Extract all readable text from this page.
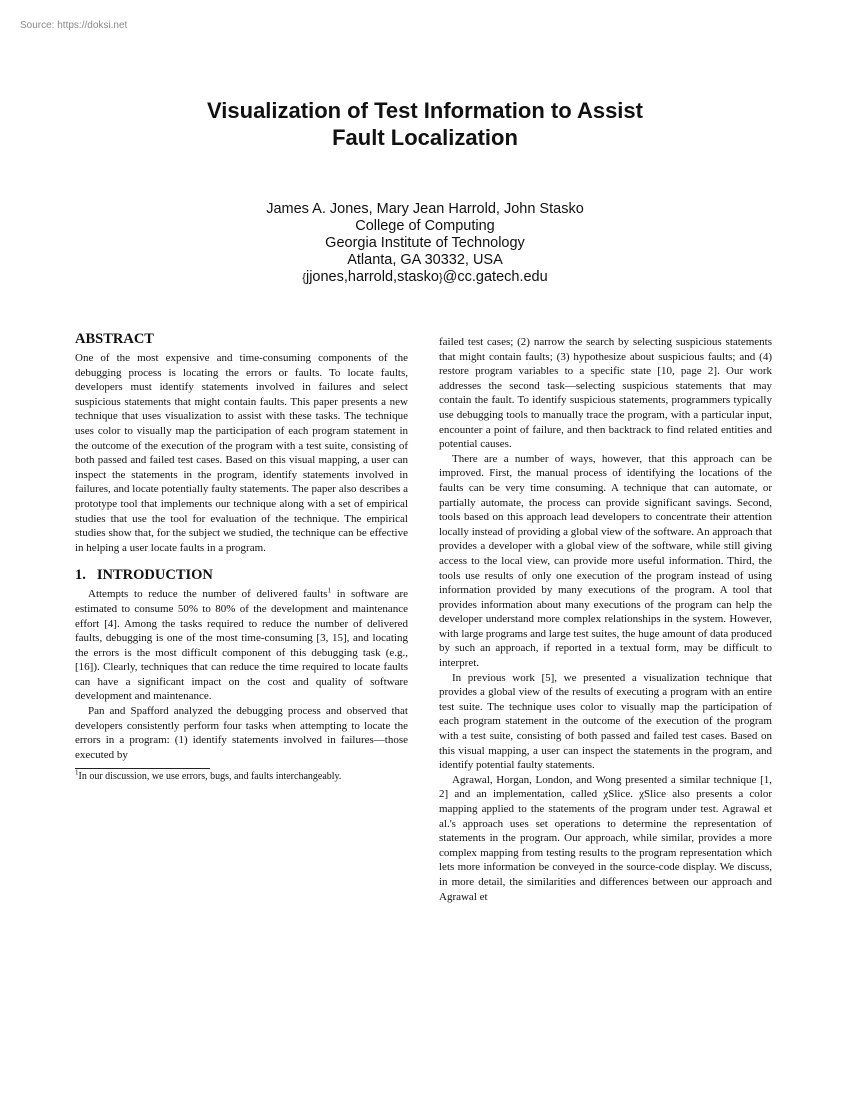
Source: https://doksi.net
Visualization of Test Information to Assist
Fault Localization
James A. Jones, Mary Jean Harrold, John Stasko
College of Computing
Georgia Institute of Technology
Atlanta, GA 30332, USA
{jjones,harrold,stasko}@cc.gatech.edu
ABSTRACT

One of the most expensive and time-consuming components of the debugging process is locating the errors or faults. To locate faults, developers must identify statements involved in failures and select suspicious statements that might contain faults. This paper presents a new technique that uses visualization to assist with these tasks. The technique uses color to visually map the participation of each program statement in the outcome of the execution of the program with a test suite, consisting of both passed and failed test cases. Based on this visual mapping, a user can inspect the statements in the program, identify statements involved in failures, and locate potentially faulty statements. The paper also describes a prototype tool that implements our technique along with a set of empirical studies that use the tool for evaluation of the technique. The empirical studies show that, for the subject we studied, the technique can be effective in helping a user locate faults in a program.

1. INTRODUCTION

Attempts to reduce the number of delivered faults$^1$ in software are estimated to consume 50% to 80% of the development and maintenance effort [4]. Among the tasks required to reduce the number of delivered faults, debugging is one of the most time-consuming [3, 15], and locating the errors is the most difficult component of this debugging task (e.g., [16]). Clearly, techniques that can reduce the time required to locate faults can have a significant impact on the cost and quality of software development and maintenance.

Pan and Spafford analyzed the debugging process and observed that developers consistently perform four tasks when attempting to locate the errors in a program: (1) identify statements involved in failures—those executed by

$^1$In our discussion, we use errors, bugs, and faults interchangeably.

failed test cases; (2) narrow the search by selecting suspicious statements that might contain faults; (3) hypothesize about suspicious faults; and (4) restore program variables to a specific state [10, page 2]. Our work addresses the second task—selecting suspicious statements that may contain the fault. To identify suspicious statements, programmers typically use debugging tools to manually trace the program, with a particular input, encounter a point of failure, and then backtrack to find related entities and potential causes.

There are a number of ways, however, that this approach can be improved. First, the manual process of identifying the locations of the faults can be very time consuming. A technique that can automate, or partially automate, the process can provide significant savings. Second, tools based on this approach lead developers to concentrate their attention locally instead of providing a global view of the software. An approach that provides a developer with a global view of the software, while still giving access to the local view, can provide more useful information. Third, the tools use results of only one execution of the program instead of using information provided by many executions of the program. A tool that provides information about many executions of the program can help the developer understand more complex relationships in the system. However, with large programs and large test suites, the huge amount of data produced by such an approach, if reported in a textual form, may be difficult to interpret.

In previous work [5], we presented a visualization technique that provides a global view of the results of executing a program with an entire test suite. The technique uses color to visually map the participation of each program statement in the outcome of the execution of the program with a test suite, consisting of both passed and failed test cases. Based on this visual mapping, a user can inspect the statements in the program, and identify potential faulty statements.

Agrawal, Horgan, London, and Wong presented a similar technique [1, 2] and an implementation, called χSlice. χSlice also presents a color mapping applied to the statements of the program under test. Agrawal et al.'s approach uses set operations to determine the representation of statements in the program. Our approach, while similar, provides a more complex mapping from testing results to the program representation which lets more information be conveyed in the source-code display. We discuss, in more detail, the similarities and differences between our approach and Agrawal et
